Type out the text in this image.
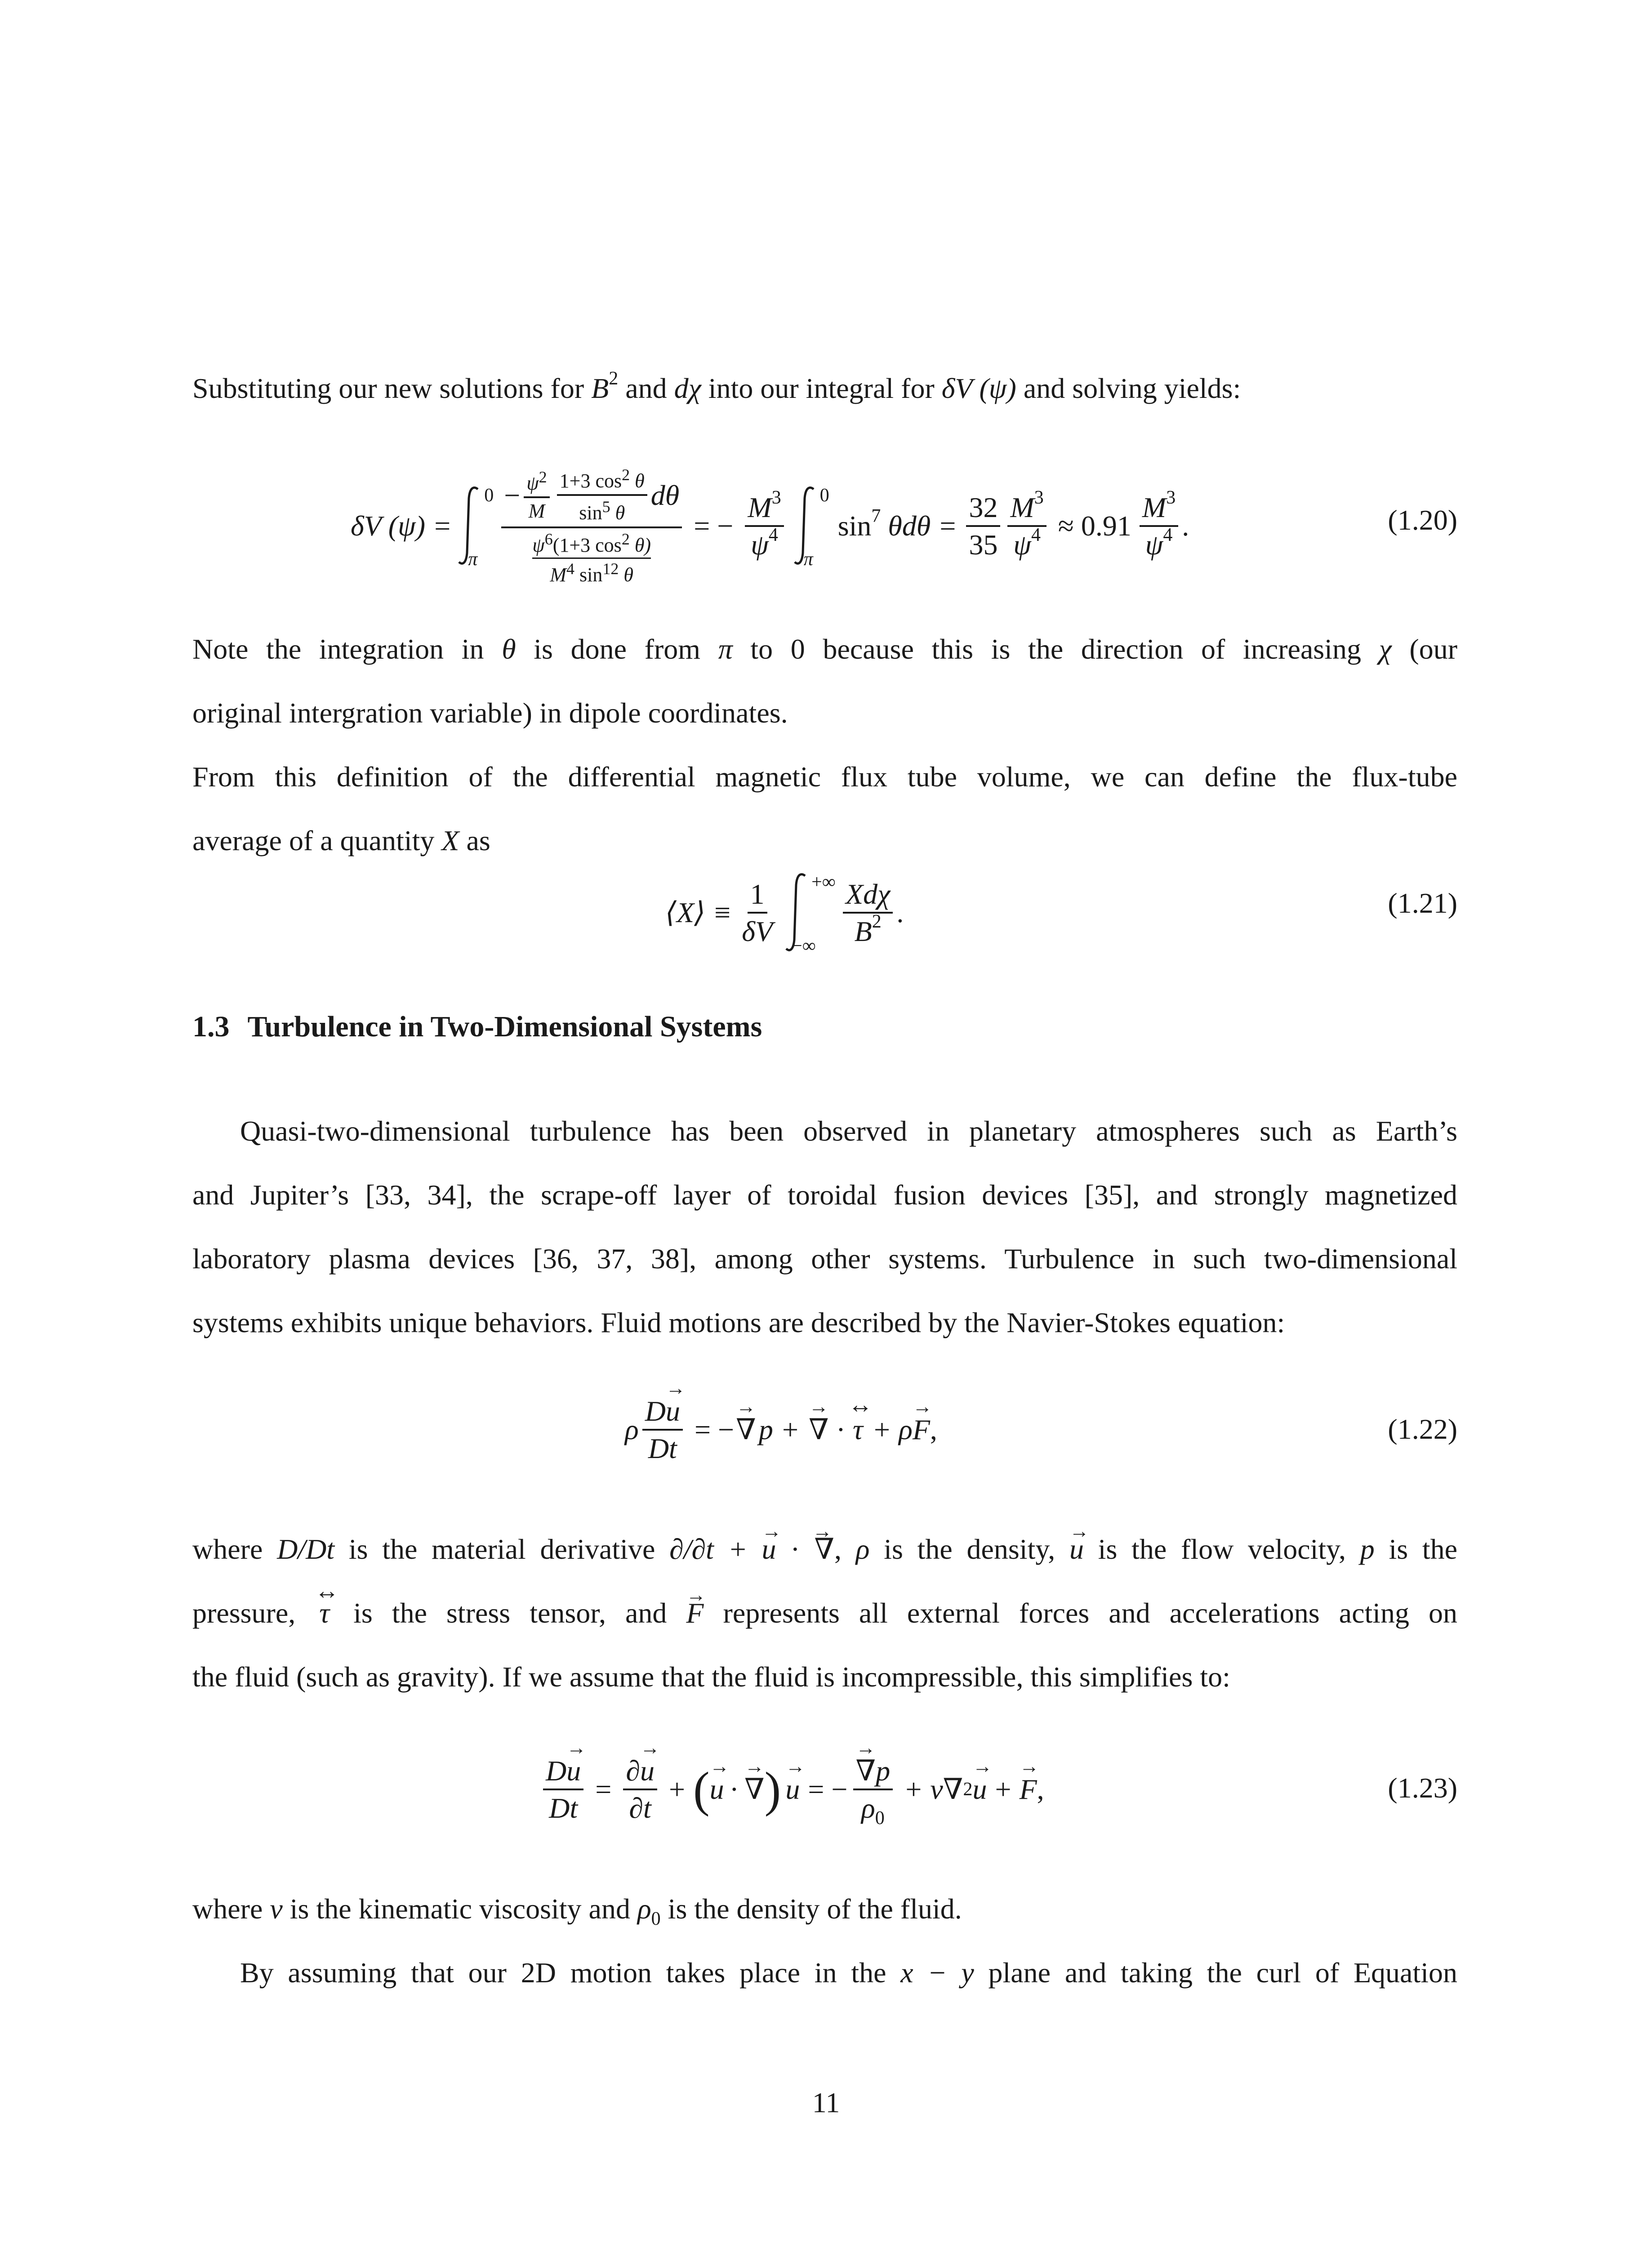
Substituting our new solutions for $B^2$ and dχ into our integral for δV (ψ) and solving yields:
δV (ψ) =
0
π
− $\frac{\psi^2}{M} \frac{1+3 \cos^2 \theta}{\sin^5 \theta}$ dθ
$\psi^6(1+3$ $\cos^2 \theta$)
$M^4$ $\sin^{12} \theta$
= − $\frac{M^3}{\psi^4} 0$
π
$\sin^7 \theta d\theta = \frac{32}{35} \frac{M^3}{\psi^4} \approx 0.91 \frac{M^3}{\psi^4}$ .	(1.20)
Note the integration in θ is done from π to 0 because this is the direction of increasing χ (our
original intergration variable) in dipole coordinates.
From this definition of the differential magnetic flux tube volume, we can define the flux-tube
average of a quantity X as
⟨X⟩ ≡ $\frac{1}{\delta V}$ +∞
−∞ $\frac{\text{Xdχ}}{B^2}$ .	(1.21)
1.3 Turbulence in Two-Dimensional Systems
Quasi-two-dimensional turbulence has been observed in planetary atmospheres such as Earth’s
and Jupiter’s [33, 34], the scrape-off layer of toroidal fusion devices [35], and strongly magnetized
laboratory plasma devices [36, 37, 38], among other systems. Turbulence in such two-dimensional
systems exhibits unique behaviors. Fluid motions are described by the Navier-Stokes equation:
ρ $\frac{D\to u}{Dt}$ = − → ∇ p + → ∇ · ↔ τ + ρ → F ,	(1.22)
where D/Dt is the material derivative ∂/∂t + → u · → ∇, ρ is the density, → u is the flow velocity, p is the
pressure, ↔ τ is the stress tensor, and → F represents all external forces and accelerations acting on
the fluid (such as gravity). If we assume that the fluid is incompressible, this simplifies to:
$\frac{D\to u}{Dt} = \frac{\partial\to u}{\partial t}$ + ( → u · → ∇ ) → u = − → $\frac{\nabla p}{\rho_0} + \nu\nabla$ 2 → u + → F ,	(1.23)
where ν is the kinematic viscosity and $\rho_0$ is the density of the fluid.
By assuming that our 2D motion takes place in the x − y plane and taking the curl of Equation
11
